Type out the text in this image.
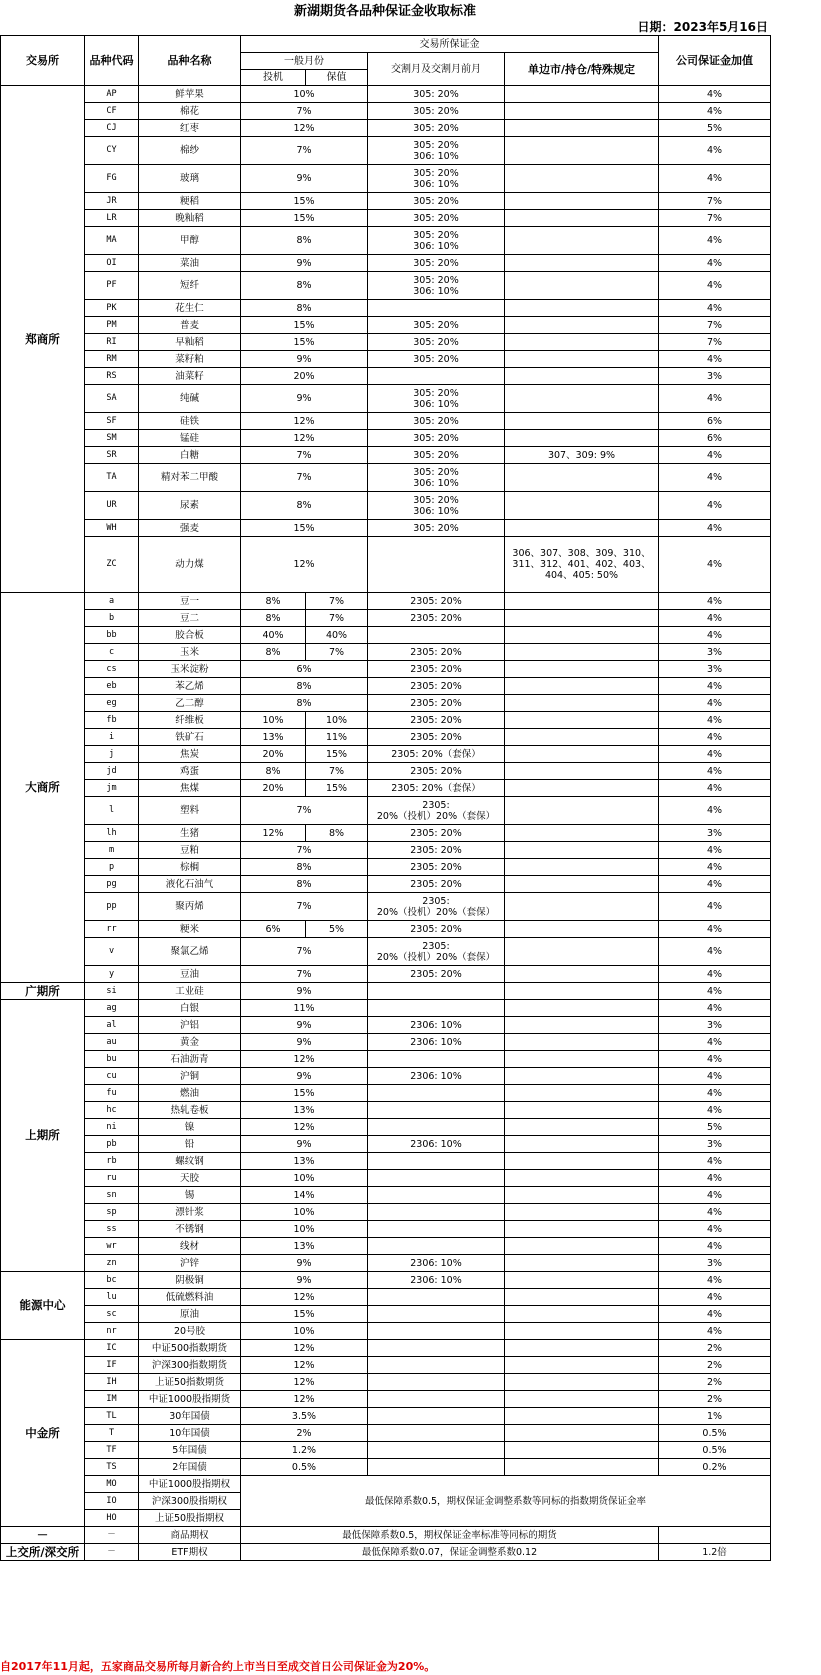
新湖期货各品种保证金收取标准
日期：2023年5月16日
交易所	品种代码	品种名称	交易所保证金				公司保证金加值
			一般月份		交割月及交割月前月	单边市/持仓/特殊规定	
			投机	保值			
郑商所	AP	鲜苹果	10%		305: 20%		4%
	CF	棉花	7%		305: 20%		4%
	CJ	红枣	12%		305: 20%		5%
	CY	棉纱	7%		305: 20%
306: 10%		4%
	FG	玻璃	9%		305: 20%
306: 10%		4%
	JR	粳稻	15%		305: 20%		7%
	LR	晚籼稻	15%		305: 20%		7%
	MA	甲醇	8%		305: 20%
306: 10%		4%
	OI	菜油	9%		305: 20%		4%
	PF	短纤	8%		305: 20%
306: 10%		4%
	PK	花生仁	8%				4%
	PM	普麦	15%		305: 20%		7%
	RI	早籼稻	15%		305: 20%		7%
	RM	菜籽粕	9%		305: 20%		4%
	RS	油菜籽	20%				3%
	SA	纯碱	9%		305: 20%
306: 10%		4%
	SF	硅铁	12%		305: 20%		6%
	SM	锰硅	12%		305: 20%		6%
	SR	白糖	7%		305: 20%	307、309: 9%	4%
	TA	精对苯二甲酸	7%		305: 20%
306: 10%		4%
	UR	尿素	8%		305: 20%
306: 10%		4%
	WH	强麦	15%		305: 20%		4%
	ZC	动力煤	12%			306、307、308、309、310、
311、312、401、402、403、
404、405: 50%	4%
大商所	a	豆一	8%	7%	2305: 20%		4%
	b	豆二	8%	7%	2305: 20%		4%
	bb	胶合板	40%	40%			4%
	c	玉米	8%	7%	2305: 20%		3%
	cs	玉米淀粉	6%		2305: 20%		3%
	eb	苯乙烯	8%		2305: 20%		4%
	eg	乙二醇	8%		2305: 20%		4%
	fb	纤维板	10%	10%	2305: 20%		4%
	i	铁矿石	13%	11%	2305: 20%		4%
	j	焦炭	20%	15%	2305: 20%（套保）		4%
	jd	鸡蛋	8%	7%	2305: 20%		4%
	jm	焦煤	20%	15%	2305: 20%（套保）		4%
	l	塑料	7%		2305:
20%（投机）20%（套保）		4%
	lh	生猪	12%	8%	2305: 20%		3%
	m	豆粕	7%		2305: 20%		4%
	p	棕榈	8%		2305: 20%		4%
	pg	液化石油气	8%		2305: 20%		4%
	pp	聚丙烯	7%		2305:
20%（投机）20%（套保）		4%
	rr	粳米	6%	5%	2305: 20%		4%
	v	聚氯乙烯	7%		2305:
20%（投机）20%（套保）		4%
	y	豆油	7%		2305: 20%		4%
广期所	si	工业硅	9%				4%
上期所	ag	白银	11%				4%
	al	沪铝	9%		2306: 10%		3%
	au	黄金	9%		2306: 10%		4%
	bu	石油沥青	12%				4%
	cu	沪铜	9%		2306: 10%		4%
	fu	燃油	15%				4%
	hc	热轧卷板	13%				4%
	ni	镍	12%				5%
	pb	铅	9%		2306: 10%		3%
	rb	螺纹钢	13%				4%
	ru	天胶	10%				4%
	sn	锡	14%				4%
	sp	漂针浆	10%				4%
	ss	不锈钢	10%				4%
	wr	线材	13%				4%
	zn	沪锌	9%		2306: 10%		3%
能源中心	bc	阴极铜	9%		2306: 10%		4%
	lu	低硫燃料油	12%				4%
	sc	原油	15%				4%
	nr	20号胶	10%				4%
中金所	IC	中证500指数期货	12%				2%
	IF	沪深300指数期货	12%				2%
	IH	上证50指数期货	12%				2%
	IM	中证1000股指期货	12%				2%
	TL	30年国债	3.5%				1%
	T	10年国债	2%				0.5%
	TF	5年国债	1.2%				0.5%
	TS	2年国债	0.5%				0.2%
	MO	中证1000股指期权	最低保障系数0.5，期权保证金调整系数等同标的指数期货保证金率				
	IO	沪深300股指期权					
	HO	上证50股指期权					
－	－	商品期权	最低保障系数0.5，期权保证金率标准等同标的期货				
上交所/深交所	－	ETF期权	最低保障系数0.07，保证金调整系数0.12				1.2倍
自2017年11月起，五家商品交易所每月新合约上市当日至成交首日公司保证金为20%。
